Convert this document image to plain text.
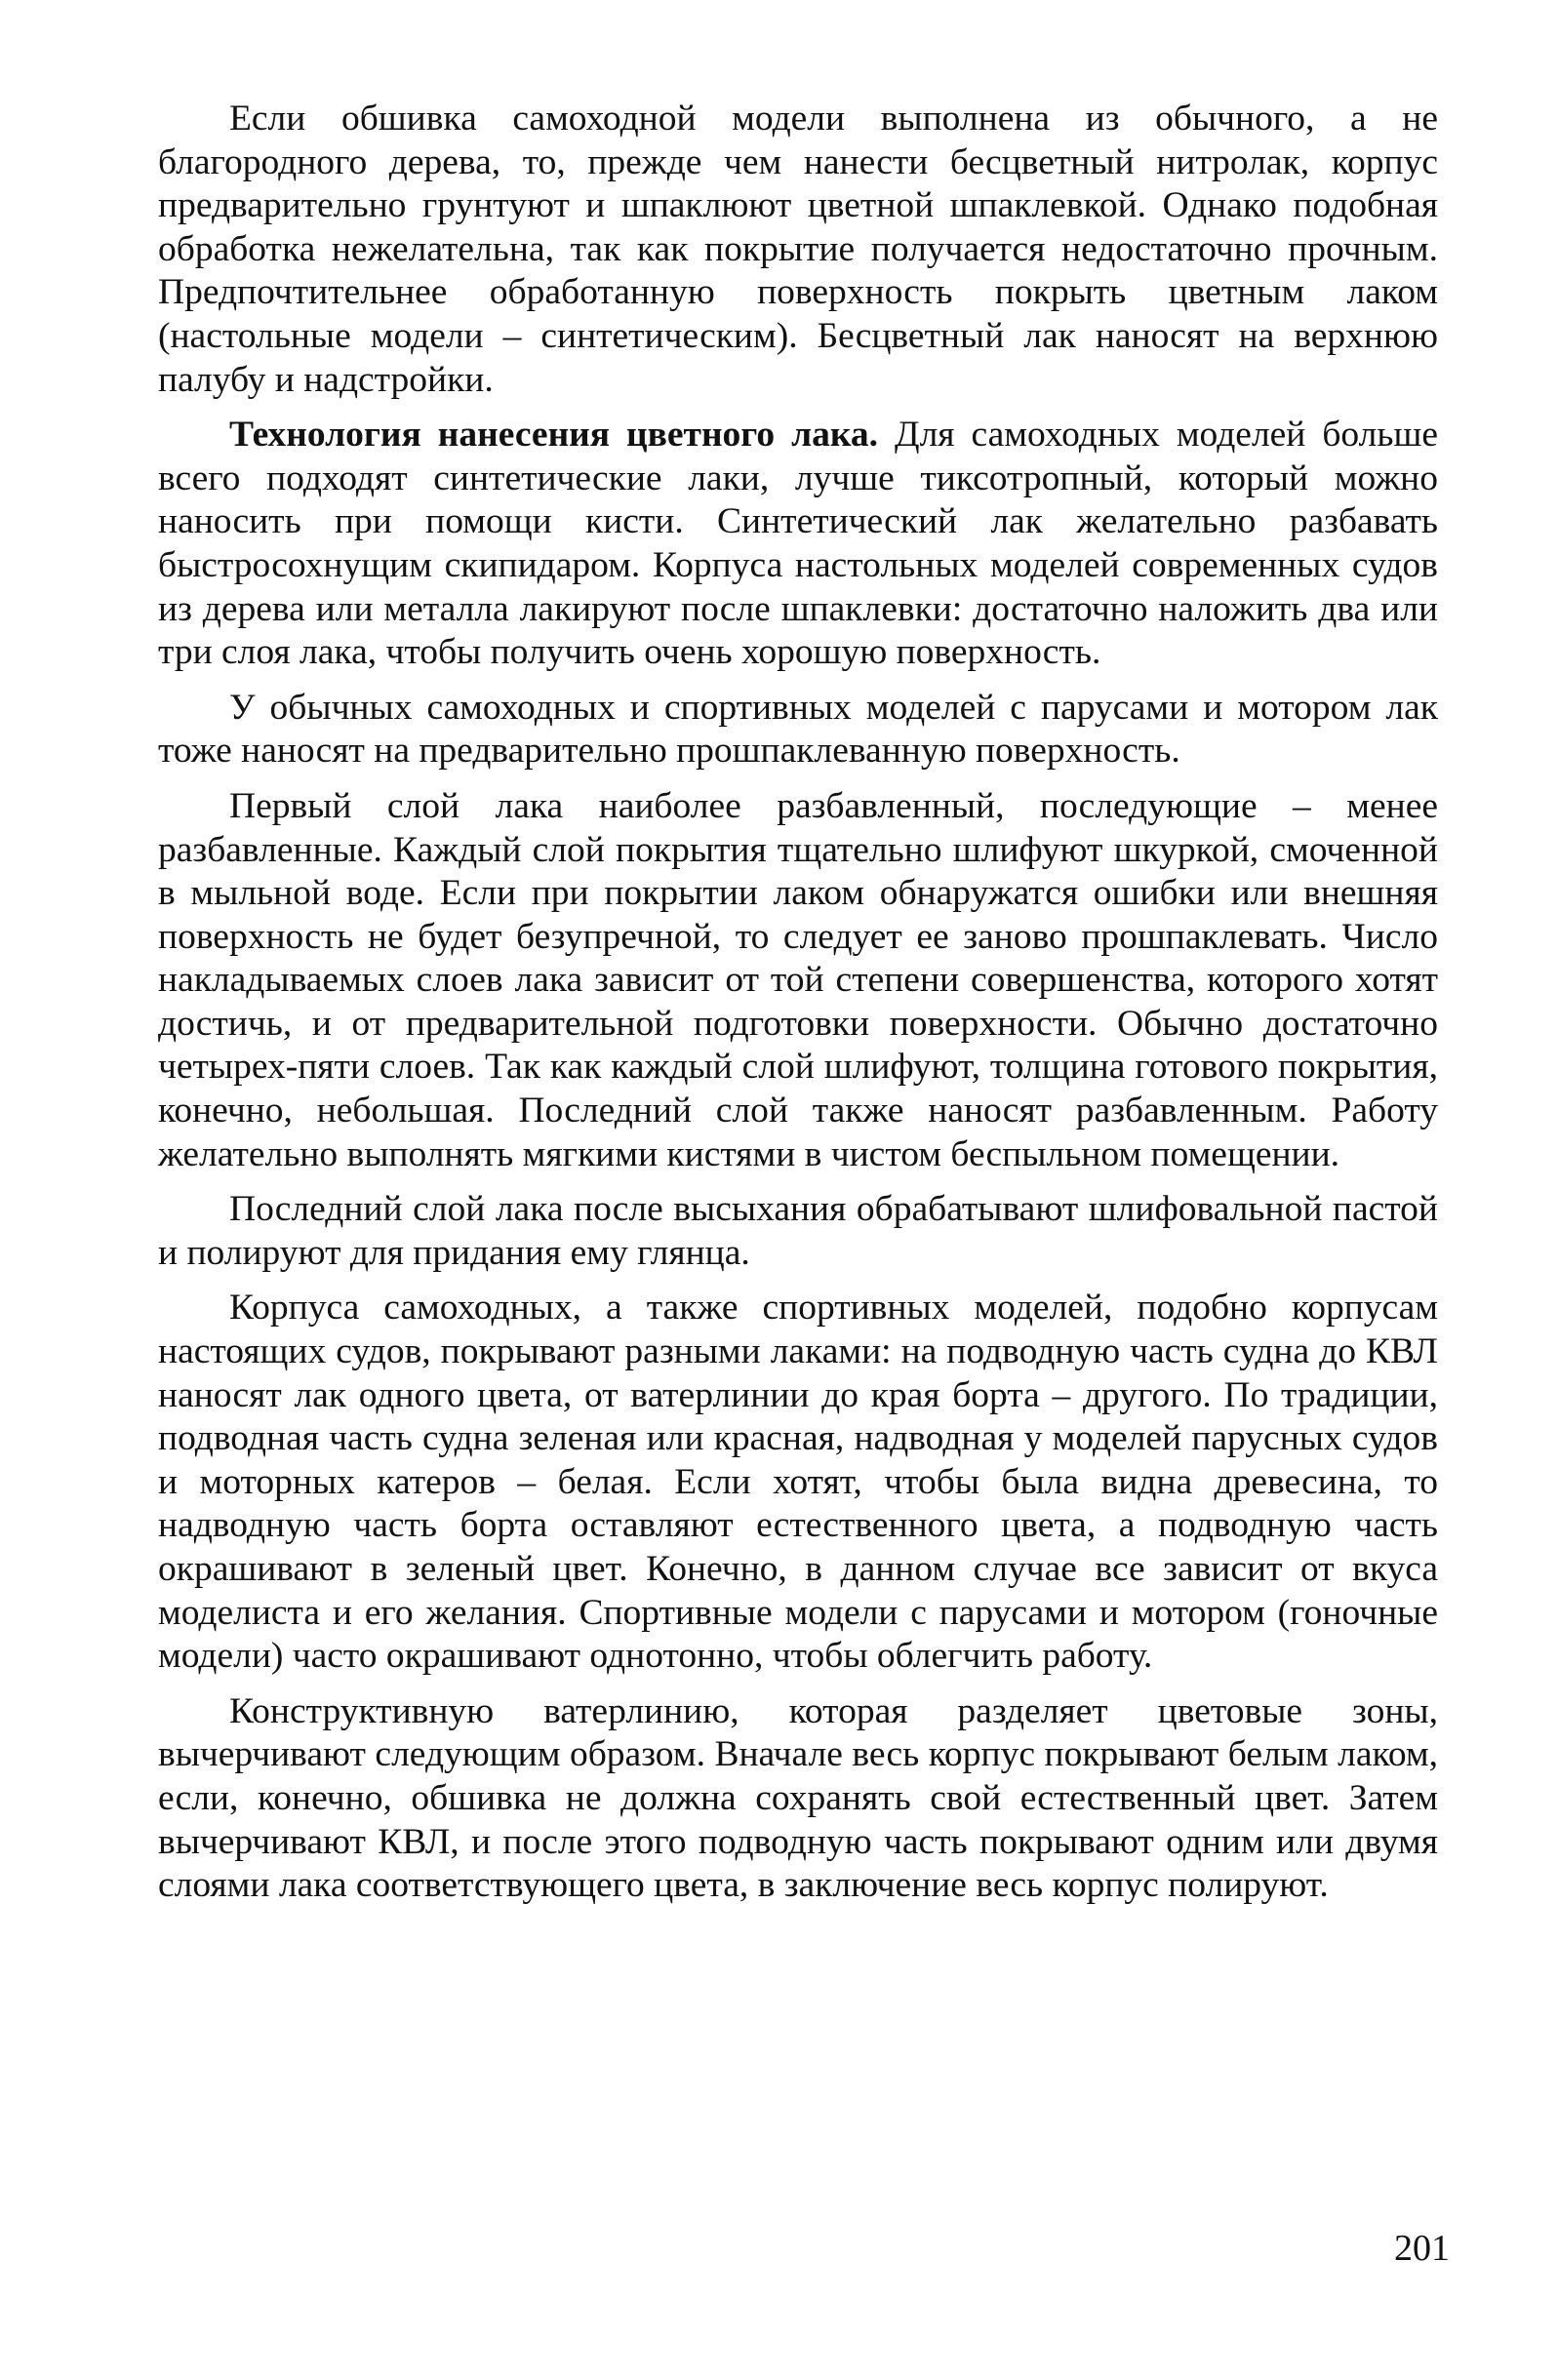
Если обшивка самоходной модели выполнена из обычного, а не благородного дерева, то, прежде чем нанести бесцветный нитролак, корпус предварительно грунтуют и шпаклюют цветной шпаклевкой. Однако подобная обработка нежелательна, так как покрытие получается недостаточно прочным. Предпочтительнее обработанную поверхность покрыть цветным лаком (настольные модели – синтетическим). Бесцветный лак наносят на верхнюю палубу и надстройки.

Технология нанесения цветного лака. Для самоходных моделей больше всего подходят синтетические лаки, лучше тиксотропный, который можно наносить при помощи кисти. Синтетический лак желательно разбавать быстросохнущим скипидаром. Корпуса настольных моделей современных судов из дерева или металла лакируют после шпаклевки: достаточно наложить два или три слоя лака, чтобы получить очень хорошую поверхность.

У обычных самоходных и спортивных моделей с парусами и мотором лак тоже наносят на предварительно прошпаклеванную поверхность.

Первый слой лака наиболее разбавленный, последующие – менее разбавленные. Каждый слой покрытия тщательно шлифуют шкуркой, смоченной в мыльной воде. Если при покрытии лаком обнаружатся ошибки или внешняя поверхность не будет безупречной, то следует ее заново прошпаклевать. Число накладываемых слоев лака зависит от той степени совершенства, которого хотят достичь, и от предварительной подготовки поверхности. Обычно достаточно четырех-пяти слоев. Так как каждый слой шлифуют, толщина готового покрытия, конечно, небольшая. Последний слой также наносят разбавленным. Работу желательно выполнять мягкими кистями в чистом беспыльном помещении.

Последний слой лака после высыхания обрабатывают шлифовальной пастой и полируют для придания ему глянца.

Корпуса самоходных, а также спортивных моделей, подобно корпусам настоящих судов, покрывают разными лаками: на подводную часть судна до КВЛ наносят лак одного цвета, от ватерлинии до края борта – другого. По традиции, подводная часть судна зеленая или красная, надводная у моделей парусных судов и моторных катеров – белая. Если хотят, чтобы была видна древесина, то надводную часть борта оставляют естественного цвета, а подводную часть окрашивают в зеленый цвет. Конечно, в данном случае все зависит от вкуса моделиста и его желания. Спортивные модели с парусами и мотором (гоночные модели) часто окрашивают однотонно, чтобы облегчить работу.

Конструктивную ватерлинию, которая разделяет цветовые зоны, вычерчивают следующим образом. Вначале весь корпус покрывают белым лаком, если, конечно, обшивка не должна сохранять свой естественный цвет. Затем вычерчивают КВЛ, и после этого подводную часть покрывают одним или двумя слоями лака соответствующего цвета, в заключение весь корпус полируют.

201
